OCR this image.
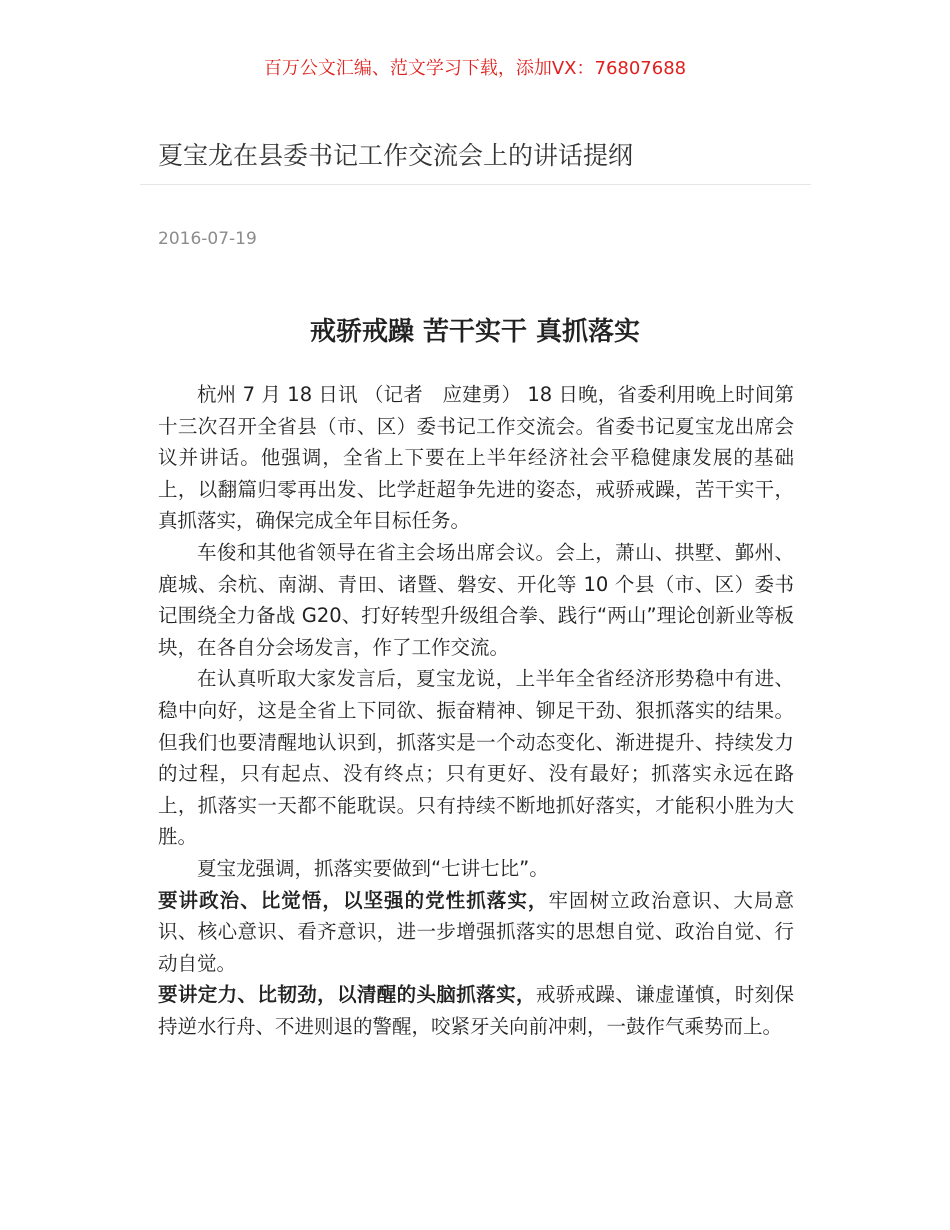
百万公文汇编、范文学习下载，添加VX：76807688
夏宝龙在县委书记工作交流会上的讲话提纲
2016-07-19
戒骄戒躁 苦干实干 真抓落实

杭州 7 月 18 日讯 （记者　应建勇） 18 日晚，省委利用晚上时间第十三次召开全省县（市、区）委书记工作交流会。省委书记夏宝龙出席会议并讲话。他强调，全省上下要在上半年经济社会平稳健康发展的基础上，以翻篇归零再出发、比学赶超争先进的姿态，戒骄戒躁，苦干实干，真抓落实，确保完成全年目标任务。

车俊和其他省领导在省主会场出席会议。会上，萧山、拱墅、鄞州、鹿城、余杭、南湖、青田、诸暨、磐安、开化等 10 个县（市、区）委书记围绕全力备战 G20、打好转型升级组合拳、践行“两山”理论创新业等板块，在各自分会场发言，作了工作交流。

在认真听取大家发言后，夏宝龙说，上半年全省经济形势稳中有进、稳中向好，这是全省上下同欲、振奋精神、铆足干劲、狠抓落实的结果。但我们也要清醒地认识到，抓落实是一个动态变化、渐进提升、持续发力的过程，只有起点、没有终点；只有更好、没有最好；抓落实永远在路上，抓落实一天都不能耽误。只有持续不断地抓好落实，才能积小胜为大胜。

夏宝龙强调，抓落实要做到“七讲七比”。

要讲政治、比觉悟，以坚强的党性抓落实，牢固树立政治意识、大局意识、核心意识、看齐意识，进一步增强抓落实的思想自觉、政治自觉、行动自觉。

要讲定力、比韧劲，以清醒的头脑抓落实，戒骄戒躁、谦虚谨慎，时刻保持逆水行舟、不进则退的警醒，咬紧牙关向前冲刺，一鼓作气乘势而上。
